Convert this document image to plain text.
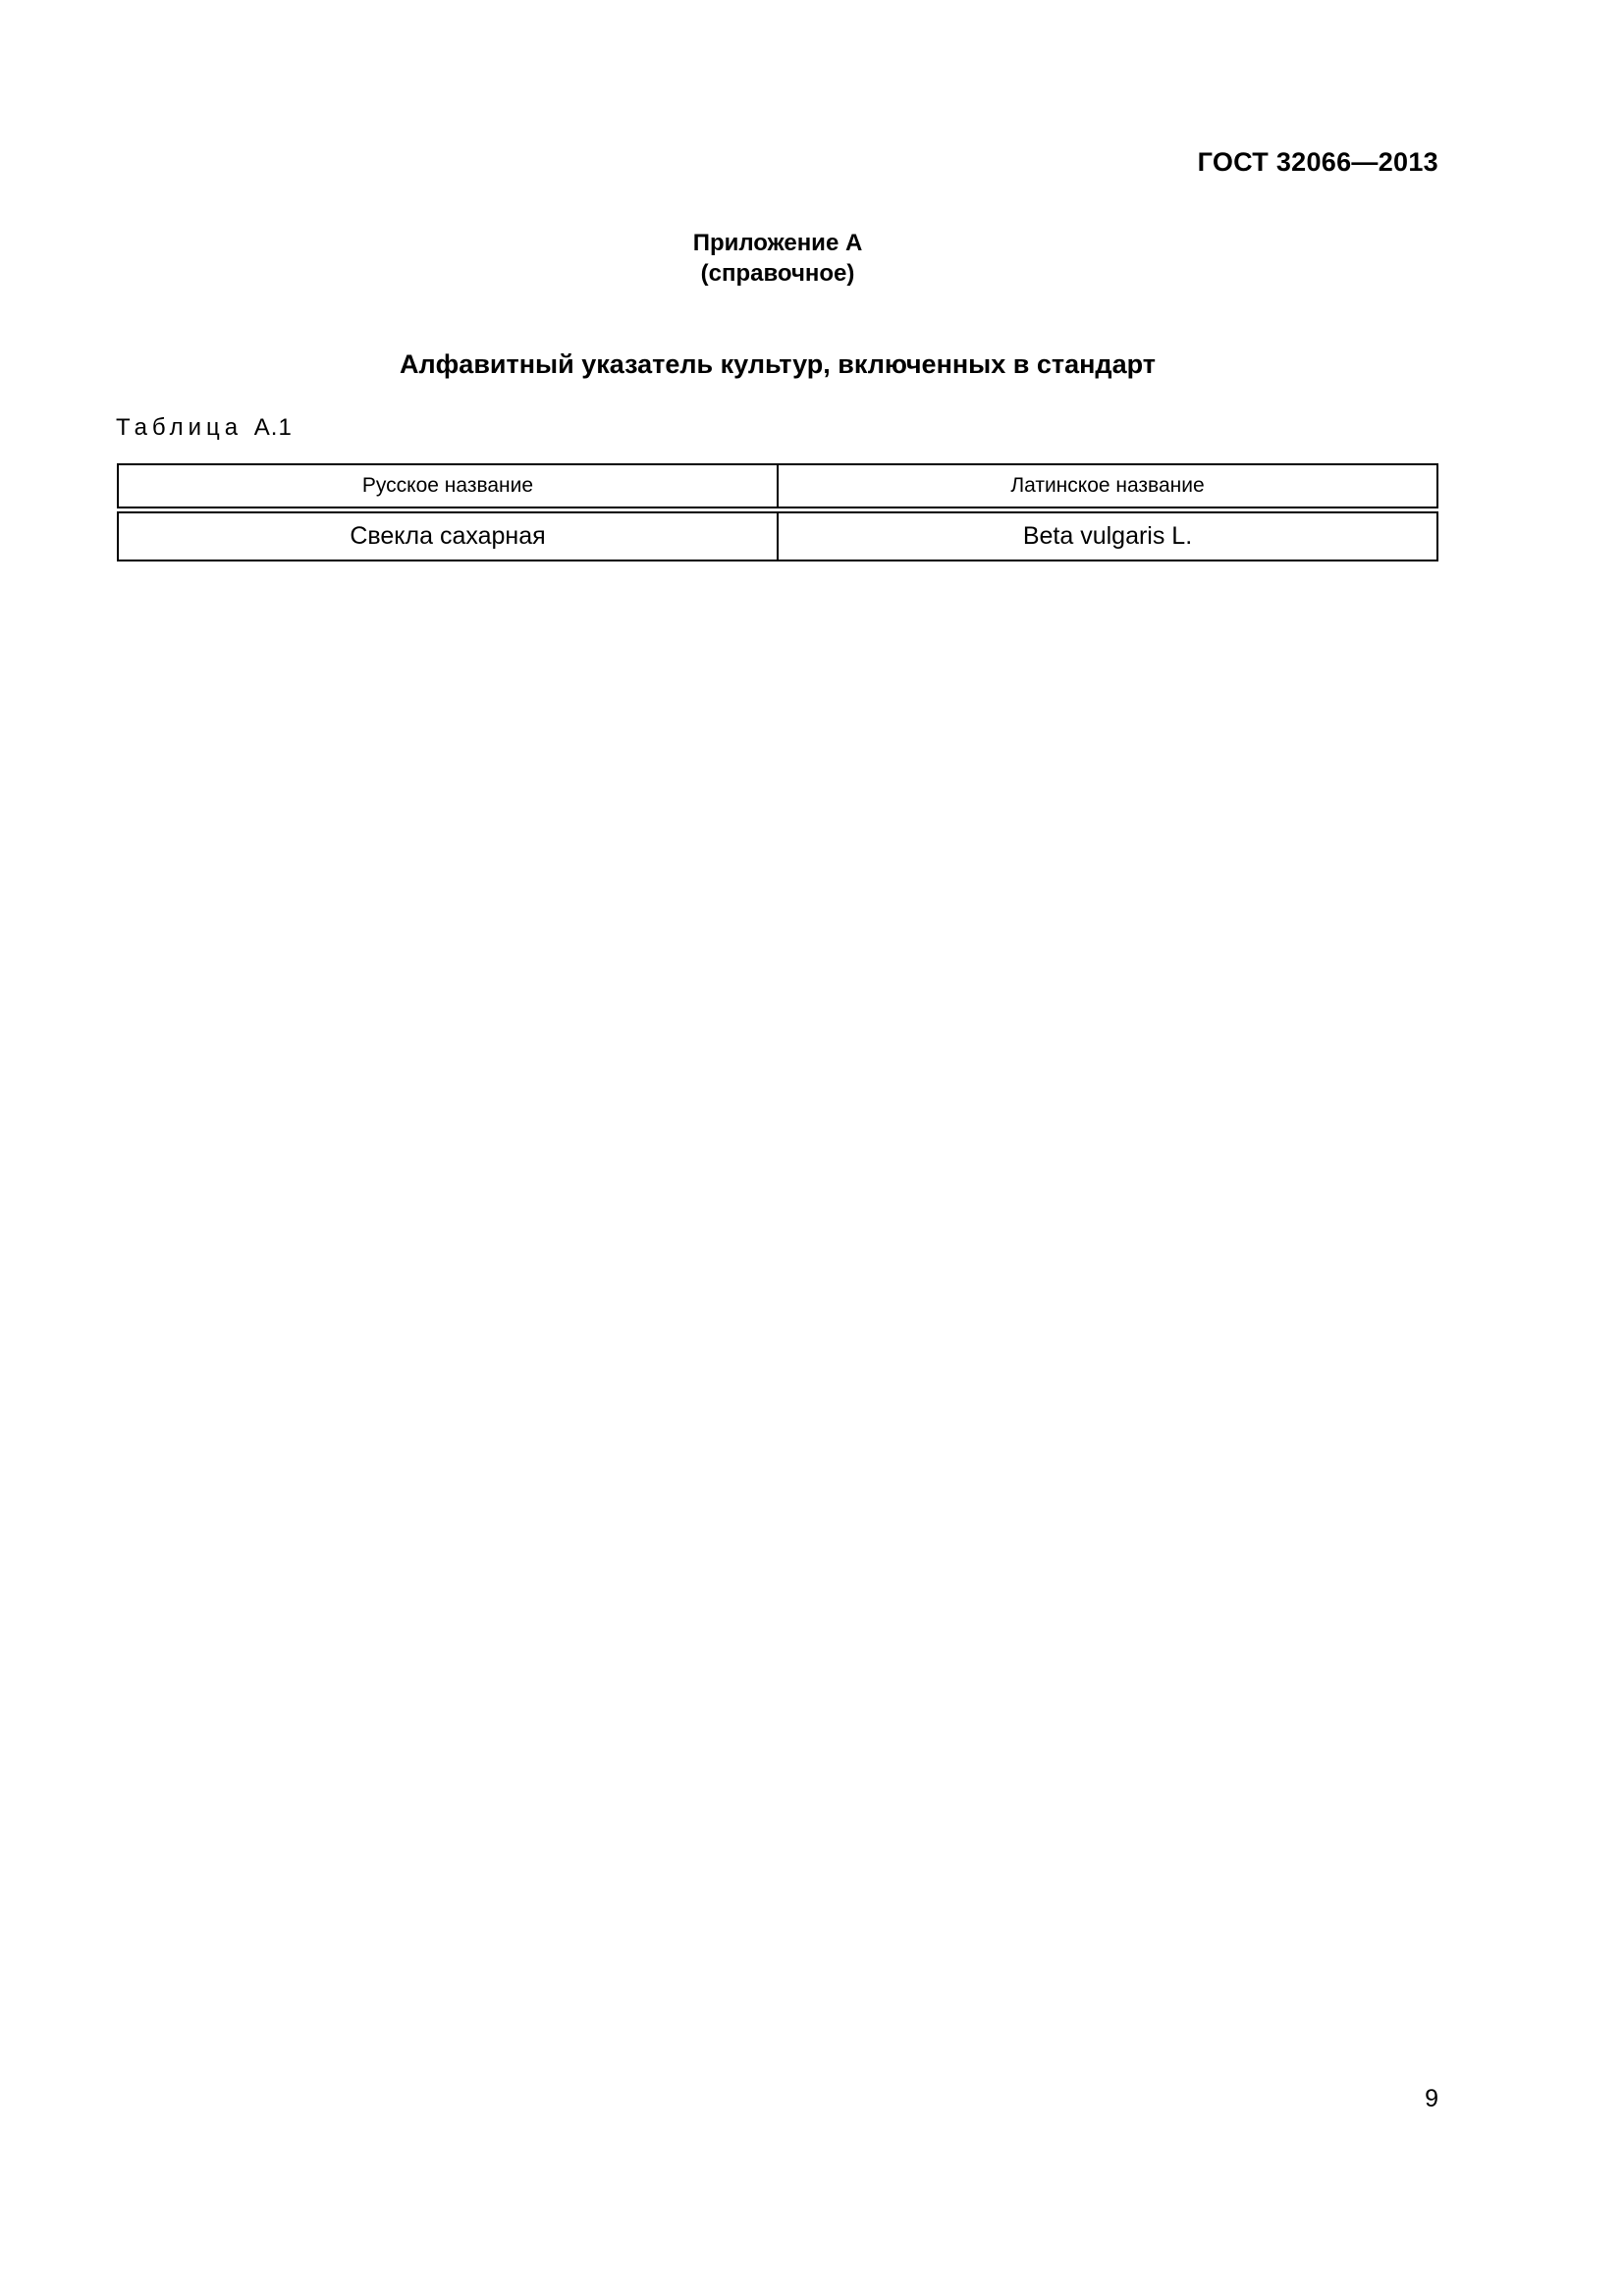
ГОСТ 32066—2013
Приложение А
(справочное)
Алфавитный указатель культур, включенных в стандарт
Таблица А.1
Русское название	Латинское название
Свекла сахарная	Beta vulgaris L.
9
